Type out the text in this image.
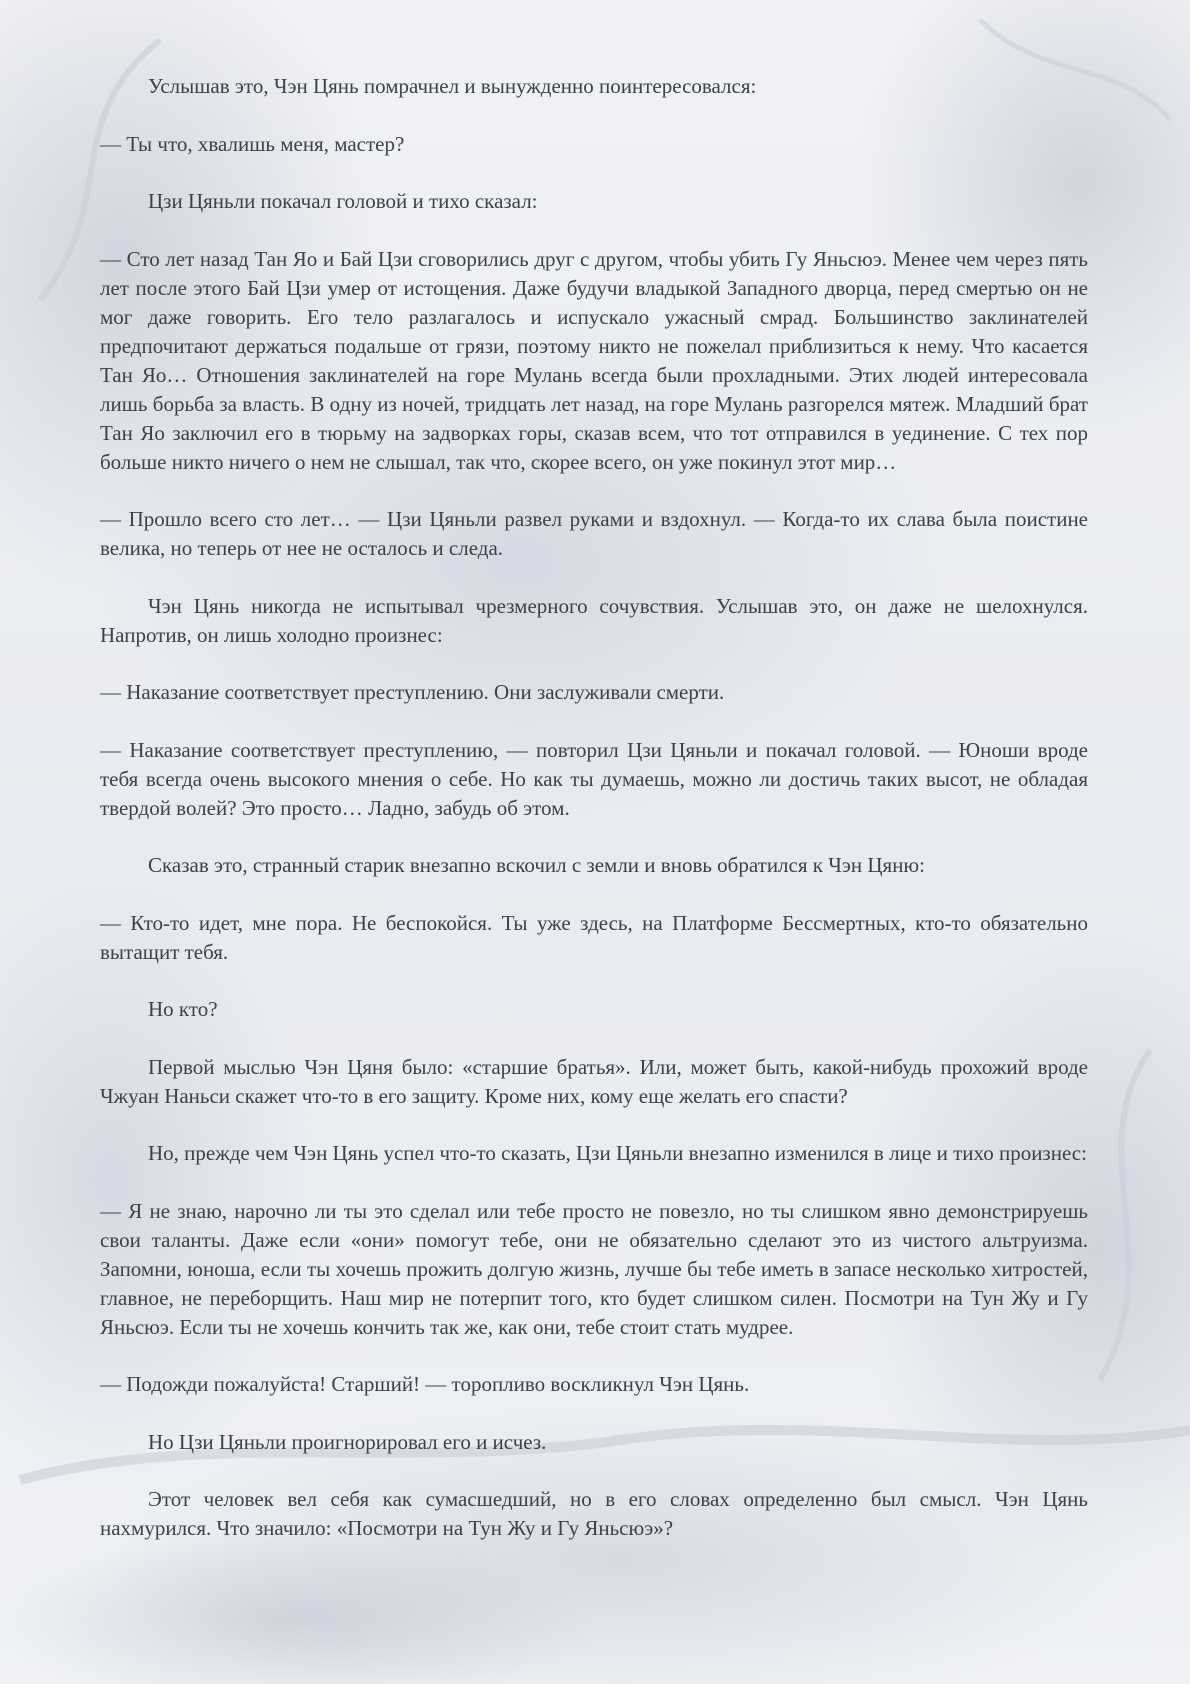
Услышав это, Чэн Цянь помрачнел и вынужденно поинтересовался:

— Ты что, хвалишь меня, мастер?

Цзи Цяньли покачал головой и тихо сказал:

— Сто лет назад Тан Яо и Бай Цзи сговорились друг с другом, чтобы убить Гу Яньсюэ. Менее чем через пять лет после этого Бай Цзи умер от истощения. Даже будучи владыкой Западного дворца, перед смертью он не мог даже говорить. Его тело разлагалось и испускало ужасный смрад. Большинство заклинателей предпочитают держаться подальше от грязи, поэтому никто не пожелал приблизиться к нему. Что касается Тан Яо… Отношения заклинателей на горе Мулань всегда были прохладными. Этих людей интересовала лишь борьба за власть. В одну из ночей, тридцать лет назад, на горе Мулань разгорелся мятеж. Младший брат Тан Яо заключил его в тюрьму на задворках горы, сказав всем, что тот отправился в уединение. С тех пор больше никто ничего о нем не слышал, так что, скорее всего, он уже покинул этот мир…

— Прошло всего сто лет… — Цзи Цяньли развел руками и вздохнул. — Когда-то их слава была поистине велика, но теперь от нее не осталось и следа.

Чэн Цянь никогда не испытывал чрезмерного сочувствия. Услышав это, он даже не шелохнулся. Напротив, он лишь холодно произнес:

— Наказание соответствует преступлению. Они заслуживали смерти.

— Наказание соответствует преступлению, — повторил Цзи Цяньли и покачал головой. — Юноши вроде тебя всегда очень высокого мнения о себе. Но как ты думаешь, можно ли достичь таких высот, не обладая твердой волей? Это просто… Ладно, забудь об этом.

Сказав это, странный старик внезапно вскочил с земли и вновь обратился к Чэн Цяню:

— Кто-то идет, мне пора. Не беспокойся. Ты уже здесь, на Платформе Бессмертных, кто-то обязательно вытащит тебя.

Но кто?

Первой мыслью Чэн Цяня было: «старшие братья». Или, может быть, какой-нибудь прохожий вроде Чжуан Наньси скажет что-то в его защиту. Кроме них, кому еще желать его спасти?

Но, прежде чем Чэн Цянь успел что-то сказать, Цзи Цяньли внезапно изменился в лице и тихо произнес:

— Я не знаю, нарочно ли ты это сделал или тебе просто не повезло, но ты слишком явно демонстрируешь свои таланты. Даже если «они» помогут тебе, они не обязательно сделают это из чистого альтруизма. Запомни, юноша, если ты хочешь прожить долгую жизнь, лучше бы тебе иметь в запасе несколько хитростей, главное, не переборщить. Наш мир не потерпит того, кто будет слишком силен. Посмотри на Тун Жу и Гу Яньсюэ. Если ты не хочешь кончить так же, как они, тебе стоит стать мудрее.

— Подожди пожалуйста! Старший! — торопливо воскликнул Чэн Цянь.

Но Цзи Цяньли проигнорировал его и исчез.

Этот человек вел себя как сумасшедший, но в его словах определенно был смысл. Чэн Цянь нахмурился. Что значило: «Посмотри на Тун Жу и Гу Яньсюэ»?
